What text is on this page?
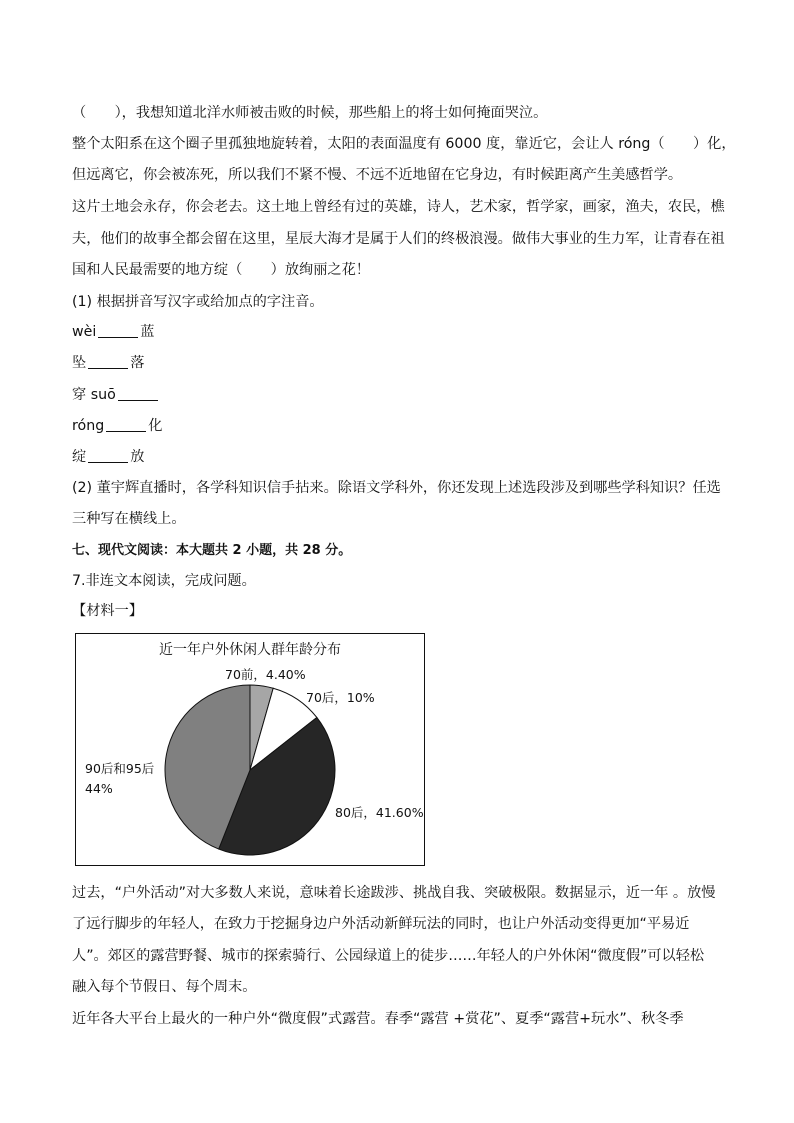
（　　），我想知道北洋水师被击败的时候，那些船上的将士如何掩面哭泣。
整个太阳系在这个圈子里孤独地旋转着，太阳的表面温度有 6000 度，靠近它，会让人 róng（　　）化，
但远离它，你会被冻死，所以我们不紧不慢、不远不近地留在它身边，有时候距离产生美感哲学。
这片土地会永存，你会老去。这土地上曾经有过的英雄，诗人，艺术家，哲学家，画家，渔夫，农民，樵
夫，他们的故事全都会留在这里，星辰大海才是属于人们的终极浪漫。做伟大事业的生力军，让青春在祖
国和人民最需要的地方绽（　　）放绚丽之花！
(1) 根据拼音写汉字或给加点的字注音。
wèi	蓝
坠	落
穿 suō
róng	化
绽	放
(2) 董宇辉直播时，各学科知识信手拈来。除语文学科外，你还发现上述选段涉及到哪些学科知识？任选
三种写在横线上。
七、现代文阅读：本大题共 2 小题，共 28 分。
7.非连文本阅读，完成问题。
【材料一】
近一年户外休闲人群年龄分布
70前，4.40%
70后，10%
80后，41.60%
90后和95后
44%
过去，“户外活动”对大多数人来说，意味着长途跋涉、挑战自我、突破极限。数据显示，近一年 。放慢
了远行脚步的年轻人，在致力于挖掘身边户外活动新鲜玩法的同时，也让户外活动变得更加“平易近
人”。郊区的露营野餐、城市的探索骑行、公园绿道上的徒步……年轻人的户外休闲“微度假”可以轻松
融入每个节假日、每个周末。
近年各大平台上最火的一种户外“微度假”式露营。春季“露营 +赏花”、夏季“露营+玩水”、秋冬季
